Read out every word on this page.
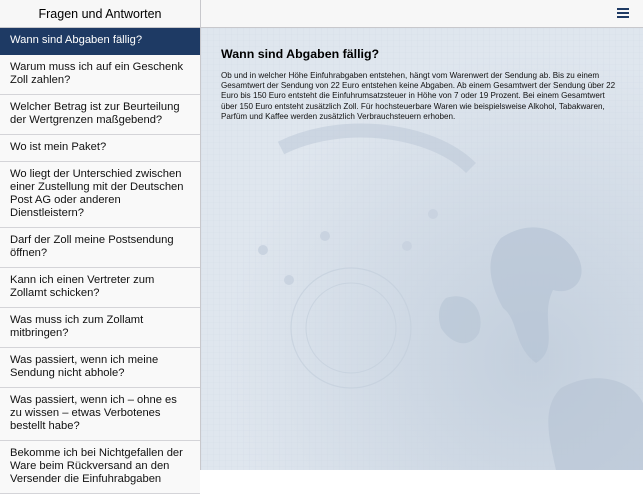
Fragen und Antworten
Wann sind Abgaben fällig?
Warum muss ich auf ein Geschenk Zoll zahlen?
Welcher Betrag ist zur Beurteilung der Wertgrenzen maßgebend?
Wo ist mein Paket?
Wo liegt der Unterschied zwischen einer Zustellung mit der Deutschen Post AG oder anderen Dienstleistern?
Darf der Zoll meine Postsendung öffnen?
Kann ich einen Vertreter zum Zollamt schicken?
Was muss ich zum Zollamt mitbringen?
Was passiert, wenn ich meine Sendung nicht abhole?
Was passiert, wenn ich – ohne es zu wissen – etwas Verbotenes bestellt habe?
Bekomme ich bei Nichtgefallen der Ware beim Rückversand an den Versender die Einfuhrabgaben
Wann sind Abgaben fällig?

Ob und in welcher Höhe Einfuhrabgaben entstehen, hängt vom Warenwert der Sendung ab. Bis zu einem Gesamtwert der Sendung von 22 Euro entstehen keine Abgaben. Ab einem Gesamtwert der Sendung über 22 Euro bis 150 Euro entsteht die Einfuhrumsatzsteuer in Höhe von 7 oder 19 Prozent. Bei einem Gesamtwert über 150 Euro entsteht zusätzlich Zoll. Für hochsteuerbare Waren wie beispielsweise Alkohol, Tabakwaren, Parfüm und Kaffee werden zusätzlich Verbrauchsteuern erhoben.
